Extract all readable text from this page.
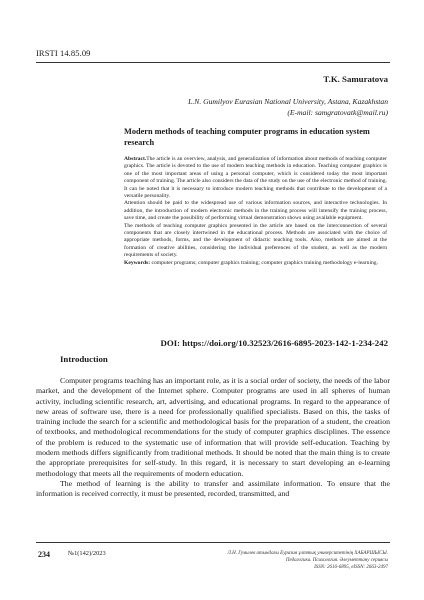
IRSTI 14.85.09
T.K. Samuratova
L.N. Gumilyov Eurasian National University, Astana, Kazakhstan
(E-mail: samgratovatk@mail.ru)
Modern methods of teaching computer programs in education system research

Abstract.The article is an overview, analysis, and generalization of information about methods of teaching computer graphics. The article is devoted to the use of modern teaching methods in education. Teaching computer graphics is one of the most important areas of using a personal computer, which is considered today the most important component of training. The article also considers the data of the study on the use of the electronic method of training. It can be noted that it is necessary to introduce modern teaching methods that contribute to the development of a versatile personality.

Attention should be paid to the widespread use of various information sources, and interactive technologies. In addition, the introduction of modern electronic methods in the training process will intensify the training process, save time, and create the possibility of performing virtual demonstration shows using available equipment.

The methods of teaching computer graphics presented in the article are based on the interconnection of several components that are closely intertwined in the educational process. Methods are associated with the choice of appropriate methods, forms, and the development of didactic teaching tools. Also, methods are aimed at the formation of creative abilities, considering the individual preferences of the student, as well as the modern requirements of society.

Keywords: computer programs; computer graphics training; computer graphics training methodology e-learning.

DOI: https://doi.org/10.32523/2616-6895-2023-142-1-234-242
Introduction

Computer programs teaching has an important role, as it is a social order of society, the needs of the labor market, and the development of the Internet sphere. Computer programs are used in all spheres of human activity, including scientific research, art, advertising, and educational programs. In regard to the appearance of new areas of software use, there is a need for professionally qualified specialists. Based on this, the tasks of training include the search for a scientific and methodological basis for the preparation of a student, the creation of textbooks, and methodological recommendations for the study of computer graphics disciplines. The essence of the problem is reduced to the systematic use of information that will provide self-education. Teaching by modern methods differs significantly from traditional methods. It should be noted that the main thing is to create the appropriate prerequisites for self-study. In this regard, it is necessary to start developing an e-learning methodology that meets all the requirements of modern education.

The method of learning is the ability to transfer and assimilate information. To ensure that the information is received correctly, it must be presented, recorded, transmitted, and

234	№1(142)/2023	Л.Н. Гумилев атындағы Еуразия ұлттық университетінің ХАБАРШЫСЫ.
Педагогика. Психология. Әлеуметтану сериясы
ISSN: 2616-6895, eISSN: 2663-2497
